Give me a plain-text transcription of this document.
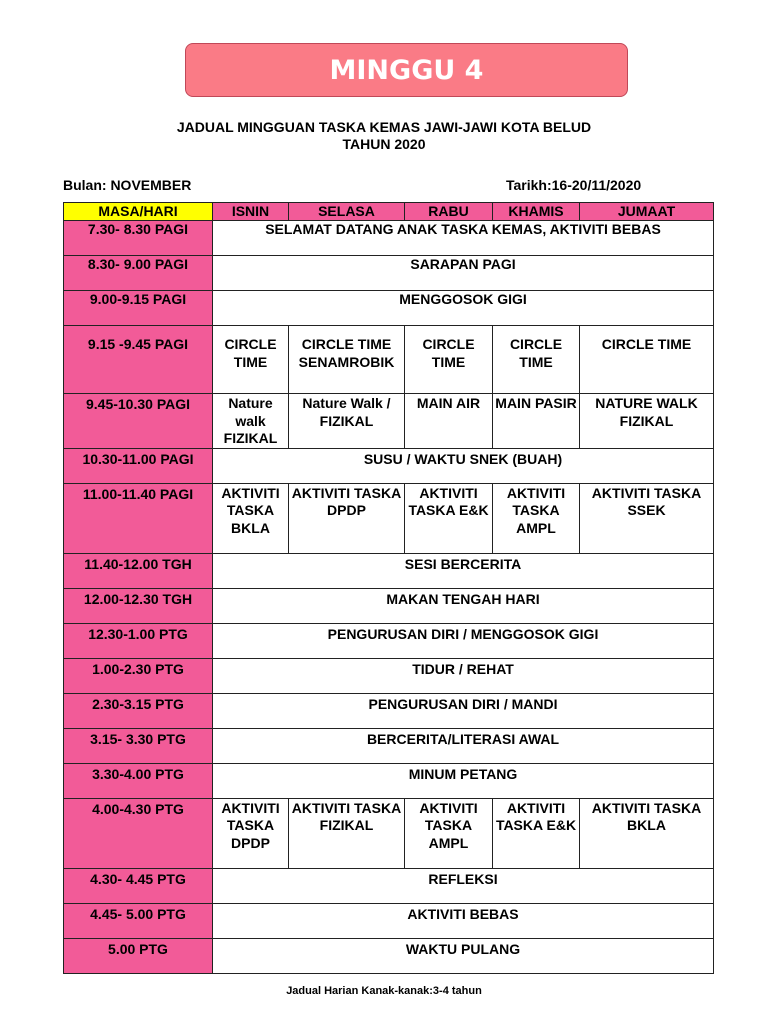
MINGGU 4
JADUAL MINGGUAN TASKA KEMAS JAWI-JAWI KOTA BELUD
TAHUN 2020
Bulan: NOVEMBER	Tarikh:16-20/11/2020
MASA/HARI	ISNIN	SELASA	RABU	KHAMIS	JUMAAT
7.30- 8.30 PAGI	SELAMAT DATANG ANAK TASKA KEMAS, AKTIVITI BEBAS				
8.30- 9.00 PAGI	SARAPAN PAGI				
9.00-9.15 PAGI	MENGGOSOK GIGI				
9.15 -9.45 PAGI	CIRCLE TIME	CIRCLE TIME SENAMROBIK	CIRCLE TIME	CIRCLE TIME	CIRCLE TIME
9.45-10.30 PAGI	Nature walk FIZIKAL	Nature Walk / FIZIKAL	MAIN AIR	MAIN PASIR	NATURE WALK FIZIKAL
10.30-11.00 PAGI	SUSU / WAKTU SNEK (BUAH)				
11.00-11.40 PAGI	AKTIVITI TASKA BKLA	AKTIVITI TASKA DPDP	AKTIVITI TASKA E&K	AKTIVITI TASKA AMPL	AKTIVITI TASKA SSEK
11.40-12.00 TGH	SESI BERCERITA				
12.00-12.30 TGH	MAKAN TENGAH HARI				
12.30-1.00 PTG	PENGURUSAN DIRI / MENGGOSOK GIGI				
1.00-2.30 PTG	TIDUR / REHAT				
2.30-3.15 PTG	PENGURUSAN DIRI / MANDI				
3.15- 3.30 PTG	BERCERITA/LITERASI AWAL				
3.30-4.00 PTG	MINUM PETANG				
4.00-4.30 PTG	AKTIVITI TASKA DPDP	AKTIVITI TASKA FIZIKAL	AKTIVITI TASKA AMPL	AKTIVITI TASKA E&K	AKTIVITI TASKA BKLA
4.30- 4.45 PTG	REFLEKSI				
4.45- 5.00 PTG	AKTIVITI BEBAS				
5.00 PTG	WAKTU PULANG				
Jadual Harian Kanak-kanak:3-4 tahun
